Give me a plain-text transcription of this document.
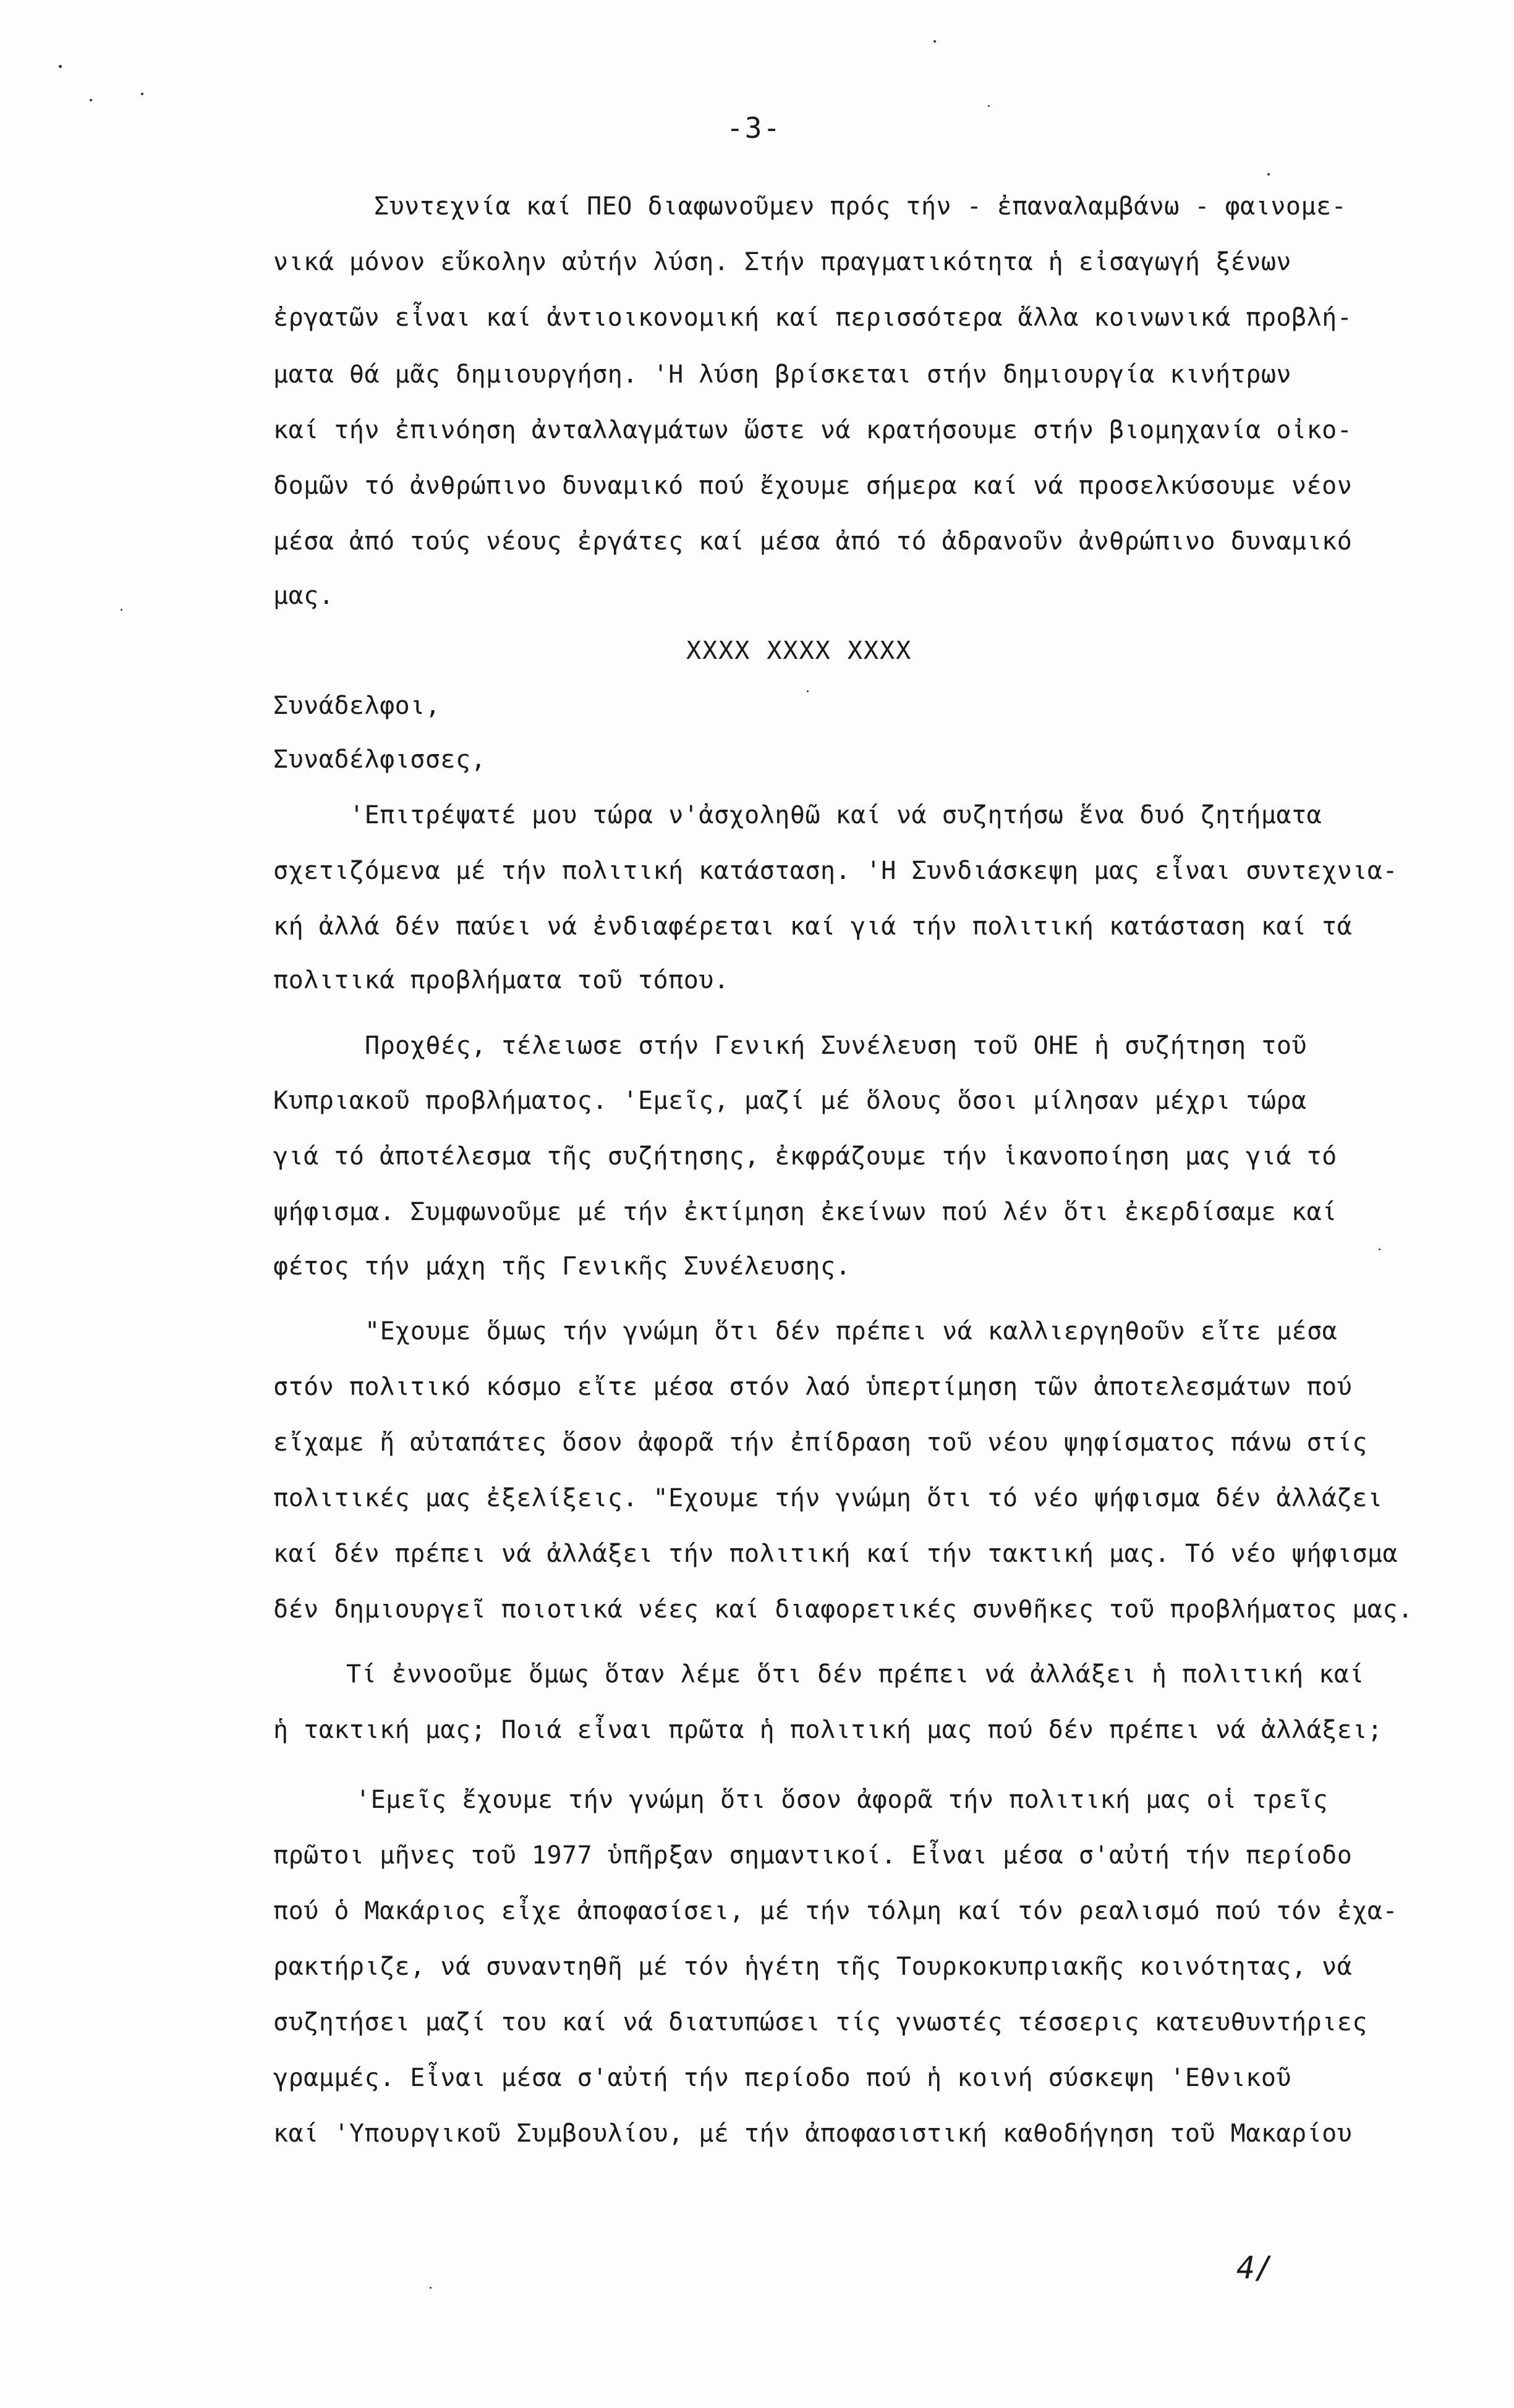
-3-
Συντεχνία καί ΠΕΟ διαφωνοῦμεν πρός τήν - ἐπαναλαμβάνω - φαινομε-
νικά μόνον εὔκολην αὐτήν λύση. Στήν πραγματικότητα ἡ εἰσαγωγή ξένων
ἐργατῶν εἶναι καί ἀντιοικονομική καί περισσότερα ἄλλα κοινωνικά προβλή-
ματα θά μᾶς δημιουργήση. 'Η λύση βρίσκεται στήν δημιουργία κινήτρων
καί τήν ἐπινόηση ἀνταλλαγμάτων ὥστε νά κρατήσουμε στήν βιομηχανία οἰκο-
δομῶν τό ἀνθρώπινο δυναμικό πού ἔχουμε σήμερα καί νά προσελκύσουμε νέον
μέσα ἀπό τούς νέους ἐργάτες καί μέσα ἀπό τό ἀδρανοῦν ἀνθρώπινο δυναμικό
μας.
XXXX XXXX XXXX
Συνάδελφοι,
Συναδέλφισσες,
'Επιτρέψατέ μου τώρα ν'ἀσχοληθῶ καί νά συζητήσω ἕνα δυό ζητήματα
σχετιζόμενα μέ τήν πολιτική κατάσταση. 'Η Συνδιάσκεψη μας εἶναι συντεχνια-
κή ἀλλά δέν παύει νά ἐνδιαφέρεται καί γιά τήν πολιτική κατάσταση καί τά
πολιτικά προβλήματα τοῦ τόπου.
Προχθές, τέλειωσε στήν Γενική Συνέλευση τοῦ ΟΗΕ ἡ συζήτηση τοῦ
Κυπριακοῦ προβλήματος. 'Εμεῖς, μαζί μέ ὅλους ὅσοι μίλησαν μέχρι τώρα
γιά τό ἀποτέλεσμα τῆς συζήτησης, ἐκφράζουμε τήν ἱκανοποίηση μας γιά τό
ψήφισμα. Συμφωνοῦμε μέ τήν ἐκτίμηση ἐκείνων πού λέν ὅτι ἐκερδίσαμε καί
φέτος τήν μάχη τῆς Γενικῆς Συνέλευσης.
"Εχουμε ὅμως τήν γνώμη ὅτι δέν πρέπει νά καλλιεργηθοῦν εἴτε μέσα
στόν πολιτικό κόσμο εἴτε μέσα στόν λαό ὑπερτίμηση τῶν ἀποτελεσμάτων πού
εἴχαμε ἤ αὐταπάτες ὅσον ἀφορᾶ τήν ἐπίδραση τοῦ νέου ψηφίσματος πάνω στίς
πολιτικές μας ἐξελίξεις. "Εχουμε τήν γνώμη ὅτι τό νέο ψήφισμα δέν ἀλλάζει
καί δέν πρέπει νά ἀλλάξει τήν πολιτική καί τήν τακτική μας. Τό νέο ψήφισμα
δέν δημιουργεῖ ποιοτικά νέες καί διαφορετικές συνθῆκες τοῦ προβλήματος μας.
Τί ἐννοοῦμε ὅμως ὅταν λέμε ὅτι δέν πρέπει νά ἀλλάξει ἡ πολιτική καί
ἡ τακτική μας; Ποιά εἶναι πρῶτα ἡ πολιτική μας πού δέν πρέπει νά ἀλλάξει;
'Εμεῖς ἔχουμε τήν γνώμη ὅτι ὅσον ἀφορᾶ τήν πολιτική μας οἱ τρεῖς
πρῶτοι μῆνες τοῦ 1977 ὑπῆρξαν σημαντικοί. Εἶναι μέσα σ'αὐτή τήν περίοδο
πού ὁ Μακάριος εἶχε ἀποφασίσει, μέ τήν τόλμη καί τόν ρεαλισμό πού τόν ἐχα-
ρακτήριζε, νά συναντηθῆ μέ τόν ἡγέτη τῆς Τουρκοκυπριακῆς κοινότητας, νά
συζητήσει μαζί του καί νά διατυπώσει τίς γνωστές τέσσερις κατευθυντήριες
γραμμές. Εἶναι μέσα σ'αὐτή τήν περίοδο πού ἡ κοινή σύσκεψη 'Εθνικοῦ
καί 'Υπουργικοῦ Συμβουλίου, μέ τήν ἀποφασιστική καθοδήγηση τοῦ Μακαρίου
4/
